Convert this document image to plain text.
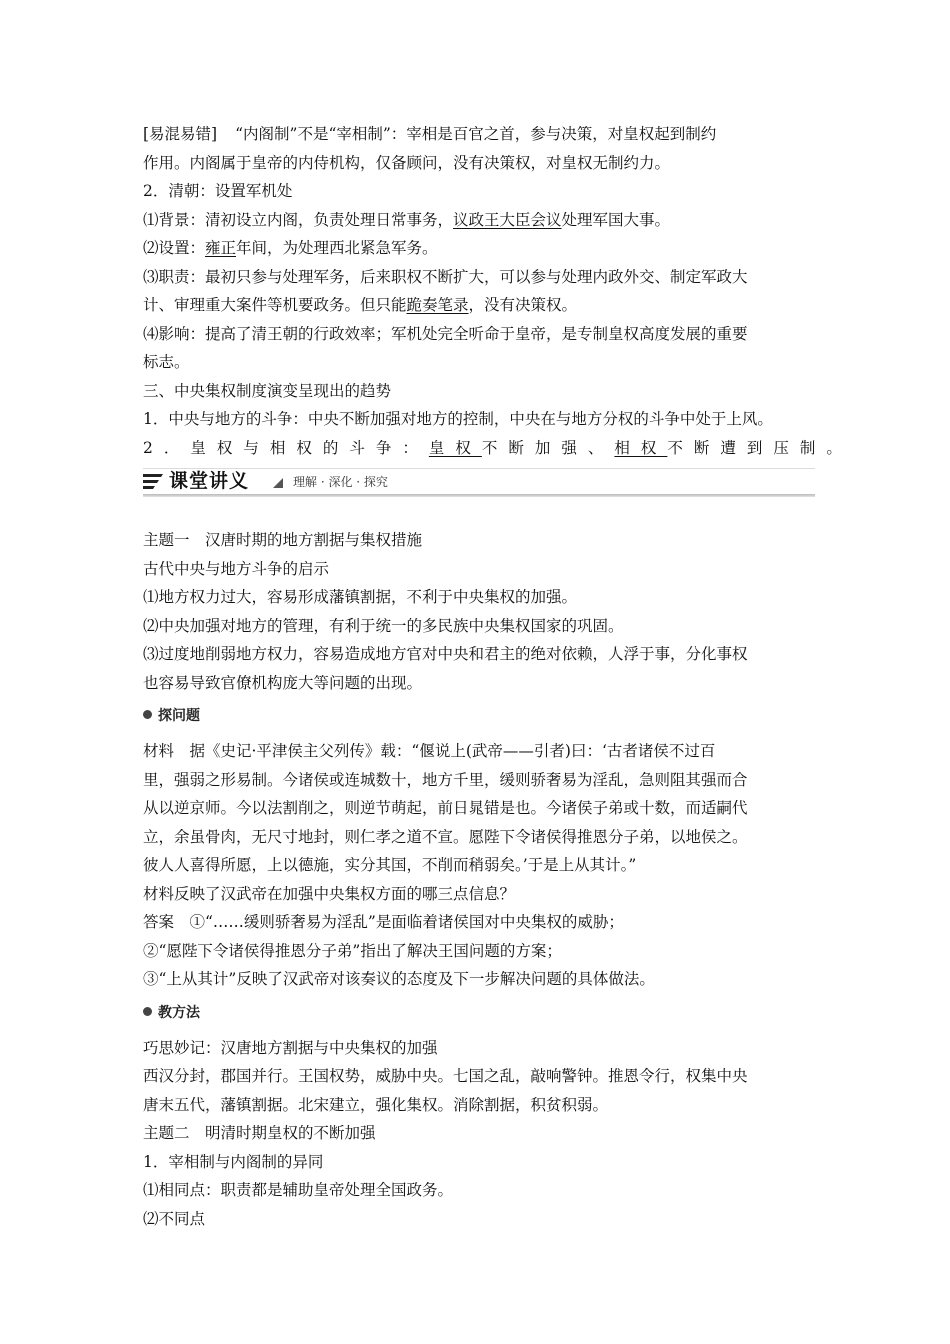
[易混易错] “内阁制”不是“宰相制”：宰相是百官之首，参与决策，对皇权起到制约
作用。内阁属于皇帝的内侍机构，仅备顾问，没有决策权，对皇权无制约力。
2．清朝：设置军机处
⑴背景：清初设立内阁，负责处理日常事务，议政王大臣会议处理军国大事。
⑵设置：雍正年间，为处理西北紧急军务。
⑶职责：最初只参与处理军务，后来职权不断扩大，可以参与处理内政外交、制定军政大
计、审理重大案件等机要政务。但只能跪奏笔录，没有决策权。
⑷影响：提高了清王朝的行政效率；军机处完全听命于皇帝，是专制皇权高度发展的重要
标志。
三、中央集权制度演变呈现出的趋势
1．中央与地方的斗争：中央不断加强对地方的控制，中央在与地方分权的斗争中处于上风。
2．皇权与相权的斗争：皇权不断加强、相权不断遭到压制。
课堂讲义	理解 · 深化 · 探究
主题一　汉唐时期的地方割据与集权措施
古代中央与地方斗争的启示
⑴地方权力过大，容易形成藩镇割据，不利于中央集权的加强。
⑵中央加强对地方的管理，有利于统一的多民族中央集权国家的巩固。
⑶过度地削弱地方权力，容易造成地方官对中央和君主的绝对依赖，人浮于事，分化事权
也容易导致官僚机构庞大等问题的出现。
探问题
材料　据《史记·平津侯主父列传》载：“偃说上(武帝——引者)曰：‘古者诸侯不过百
里，强弱之形易制。今诸侯或连城数十，地方千里，缓则骄奢易为淫乱，急则阻其强而合
从以逆京师。今以法割削之，则逆节萌起，前日晁错是也。今诸侯子弟或十数，而适嗣代
立，余虽骨肉，无尺寸地封，则仁孝之道不宣。愿陛下令诸侯得推恩分子弟，以地侯之。
彼人人喜得所愿，上以德施，实分其国，不削而稍弱矣。’于是上从其计。”
材料反映了汉武帝在加强中央集权方面的哪三点信息？
答案　①“……缓则骄奢易为淫乱”是面临着诸侯国对中央集权的威胁；
②“愿陛下令诸侯得推恩分子弟”指出了解决王国问题的方案；
③“上从其计”反映了汉武帝对该奏议的态度及下一步解决问题的具体做法。
教方法
巧思妙记：汉唐地方割据与中央集权的加强
西汉分封，郡国并行。王国权势，威胁中央。七国之乱，敲响警钟。推恩令行，权集中央
唐末五代，藩镇割据。北宋建立，强化集权。消除割据，积贫积弱。
主题二　明清时期皇权的不断加强
1．宰相制与内阁制的异同
⑴相同点：职责都是辅助皇帝处理全国政务。
⑵不同点
